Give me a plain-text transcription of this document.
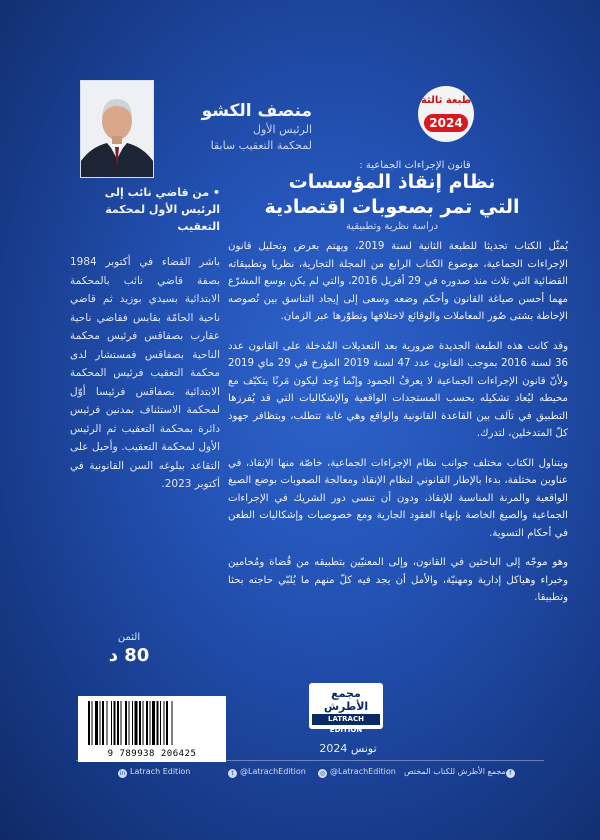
منصف الكشو
الرئيس الأول
لمحكمة التعقيب سابقا
طبعة ثالثة
2024
قانون الإجراءات الجماعية :
نظام إنقاذ المؤسسات
التي تمر بصعوبات اقتصادية
دراسة نظرية وتطبيقية

يُمثّل الكتاب تحديثا للطبعة الثانية لسنة 2019، ويهتم بعرض وتحليل قانون الإجراءات الجماعية، موضوع الكتاب الرابع من المجلة التجارية، نظريا وتطبيقاته القضائية التي تلاث منذ صدوره في 29 أفريل 2016، والتي لم يكن بوسع المشرّع مهما أحسن صياغة القانون وأحكم وضعه وسعى إلى إيجاد التناسق بين نُصوصه الإحاطة بشتى صُور المعاملات والوقائع لاختلافها وتطوّرها عبر الزمان.

وقد كانت هذه الطبعة الجديدة ضرورية بعد التعديلات المُدخلة على القانون عدد 36 لسنة 2016 بموجب القانون عدد 47 لسنة 2019 المؤرخ في 29 ماي 2019 ولأنّ قانون الإجراءات الجماعية لا يعرفُ الجمود وإنّما وُجد ليكون مَرنًا يتكيّف مع محيطه ليُعاد تشكيله بحسب المستجدات الواقعية والإشكاليات التي قد يُفرزها التطبيق في تآلف بين القاعدة القانونية والواقع وهي غاية تتطلب، وبتظافر جهود كلّ المتدخلين، لتدرك.

ويتناول الكتاب مختلف جوانب نظام الإجراءات الجماعية، خاصّة منها الإنقاذ، في عناوين مختلفة، بدءا بالإطار القانوني لنظام الإنقاذ ومعالجة الصعوبات بوضع الصيغ الواقعية والمرنة المناسبة للإنقاذ، ودون أن تنسى دور الشريك في الإجراءات الجماعية والصيغ الخاصة بإنهاء العقود الجارية ومع خصوصيات وإشكاليات الطعن في أحكام التسوية.

وهو موجّه إلى الباحثين في القانون، وإلى المعنيّين بتطبيقه من قُضاة ومُحامين وخبراء وهياكل إدارية ومهنيّة، والأمل أن يجد فيه كلّ منهم ما يُلبّي حاجته بحثا وتطبيقا.

• من قاضي نائب إلى الرئيس الأول لمحكمة التعقيب
باشر القضاء في أكتوبر 1984 بصفة قاضي نائب بالمحكمة الابتدائية بسيدي بوزيد ثم قاضي ناحية الحامّة بقابس فقاضي ناحية عقارب بصفاقس فرئيس محكمة الناحية بصفاقس فمستشار لدى محكمة التعقيب فرئيس المحكمة الابتدائية بصفاقس فرئيسا أوّل لمحكمة الاستئناف بمدنين فرئيس دائرة بمحكمة التعقيب ثم الرئيس الأول لمحكمة التعقيب. وأحيل على التقاعد ببلوغه السن القانونية في أكتوبر 2023.
الثمن
80 د
مجمع الأطرش
LATRACH EDITION
9 789938 206425	تونس 2024
in Latrach Edition	t @LatrachEdition	◎ @LatrachEdition	fمجمع الأطرش للكتاب المختص
